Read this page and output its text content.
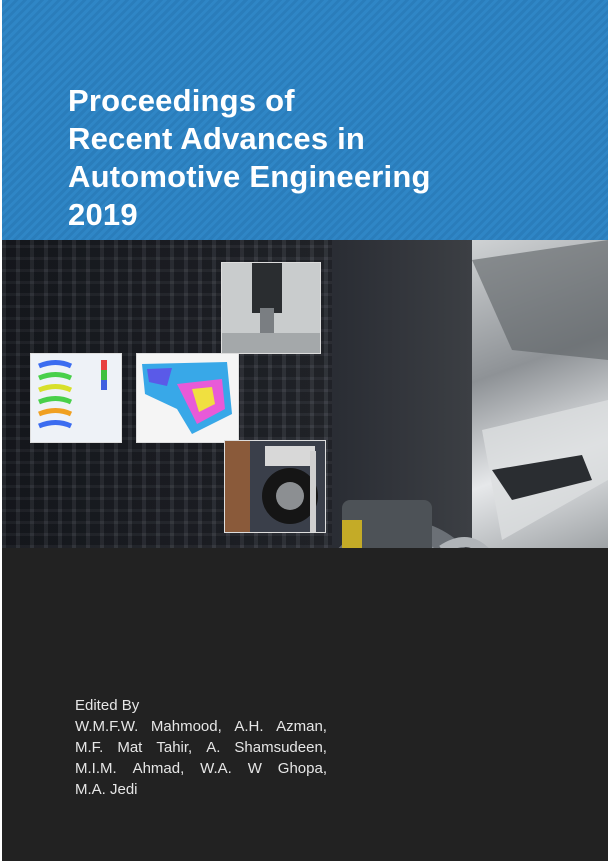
Proceedings of
Recent Advances in
Automotive Engineering
2019
Edited By
W.M.F.W. Mahmood, A.H. Azman,
M.F. Mat Tahir, A. Shamsudeen,
M.I.M. Ahmad, W.A. W Ghopa,
M.A. Jedi
